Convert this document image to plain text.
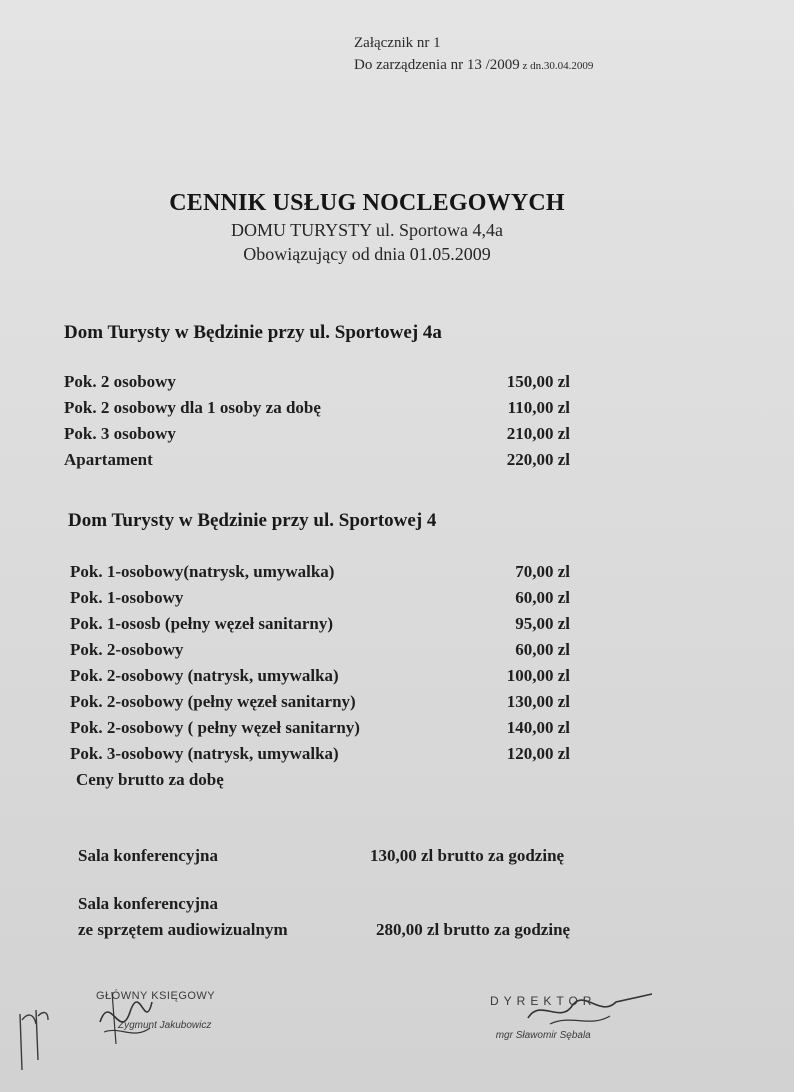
Załącznik nr 1
Do zarządzenia nr 13 /2009 z dn.30.04.2009
CENNIK USŁUG NOCLEGOWYCH
DOMU TURYSTY ul. Sportowa 4,4a
Obowiązujący od dnia 01.05.2009
Dom Turysty w Będzinie przy ul. Sportowej 4a
Pok. 2 osobowy	150,00 zl
Pok. 2 osobowy dla 1 osoby za dobę	110,00 zl
Pok. 3 osobowy	210,00 zl
Apartament	220,00 zl
Dom Turysty w Będzinie przy ul. Sportowej 4
Pok. 1-osobowy(natrysk, umywalka)	70,00 zl
Pok. 1-osobowy	60,00 zl
Pok. 1-ososb (pełny węzeł sanitarny)	95,00 zl
Pok. 2-osobowy	60,00 zl
Pok. 2-osobowy (natrysk, umywalka)	100,00 zl
Pok. 2-osobowy (pełny węzeł sanitarny)	130,00 zl
Pok. 2-osobowy ( pełny węzeł sanitarny)	140,00 zl
Pok. 3-osobowy (natrysk, umywalka)	120,00 zl
Ceny brutto za dobę
Sala konferencyjna	130,00 zl brutto za godzinę
Sala konferencyjna
ze sprzętem audiowizualnym	280,00 zl brutto za godzinę
GŁÓWNY KSIĘGOWY
Zygmunt Jakubowicz
DYREKTOR
mgr Sławomir Sębala
